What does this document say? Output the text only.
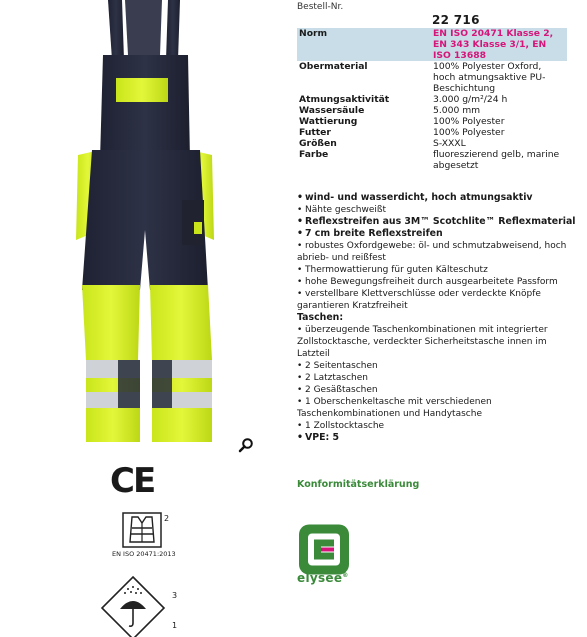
CE
2
EN ISO 20471:2013
3
1
Bestell-Nr.
22 716
Norm	EN ISO 20471 Klasse 2, EN 343 Klasse 3/1, EN ISO 13688
Obermaterial	100% Polyester Oxford, hoch atmungsaktive PU-Beschichtung
Atmungsaktivität	3.000 g/m²/24 h
Wassersäule	5.000 mm
Wattierung	100% Polyester
Futter	100% Polyester
Größen	S-XXXL
Farbe	fluoreszierend gelb, marine abgesetzt
• wind- und wasserdicht, hoch atmungsaktiv
• Nähte geschweißt
• Reflexstreifen aus 3M™ Scotchlite™ Reflexmaterial
• 7 cm breite Reflexstreifen
• robustes Oxfordgewebe: öl- und schmutzabweisend, hoch abrieb- und reißfest
• Thermowattierung für guten Kälteschutz
• hohe Bewegungsfreiheit durch ausgearbeitete Passform
• verstellbare Klettverschlüsse oder verdeckte Knöpfe garantieren Kratzfreiheit
Taschen:
• überzeugende Taschenkombinationen mit integrierter Zollstocktasche, verdeckter Sicherheitstasche innen im Latzteil
• 2 Seitentaschen
• 2 Latztaschen
• 2 Gesäßtaschen
• 1 Oberschenkeltasche mit verschiedenen Taschenkombinationen und Handytasche
• 1 Zollstocktasche
• VPE: 5
Konformitätserklärung
elysee®
